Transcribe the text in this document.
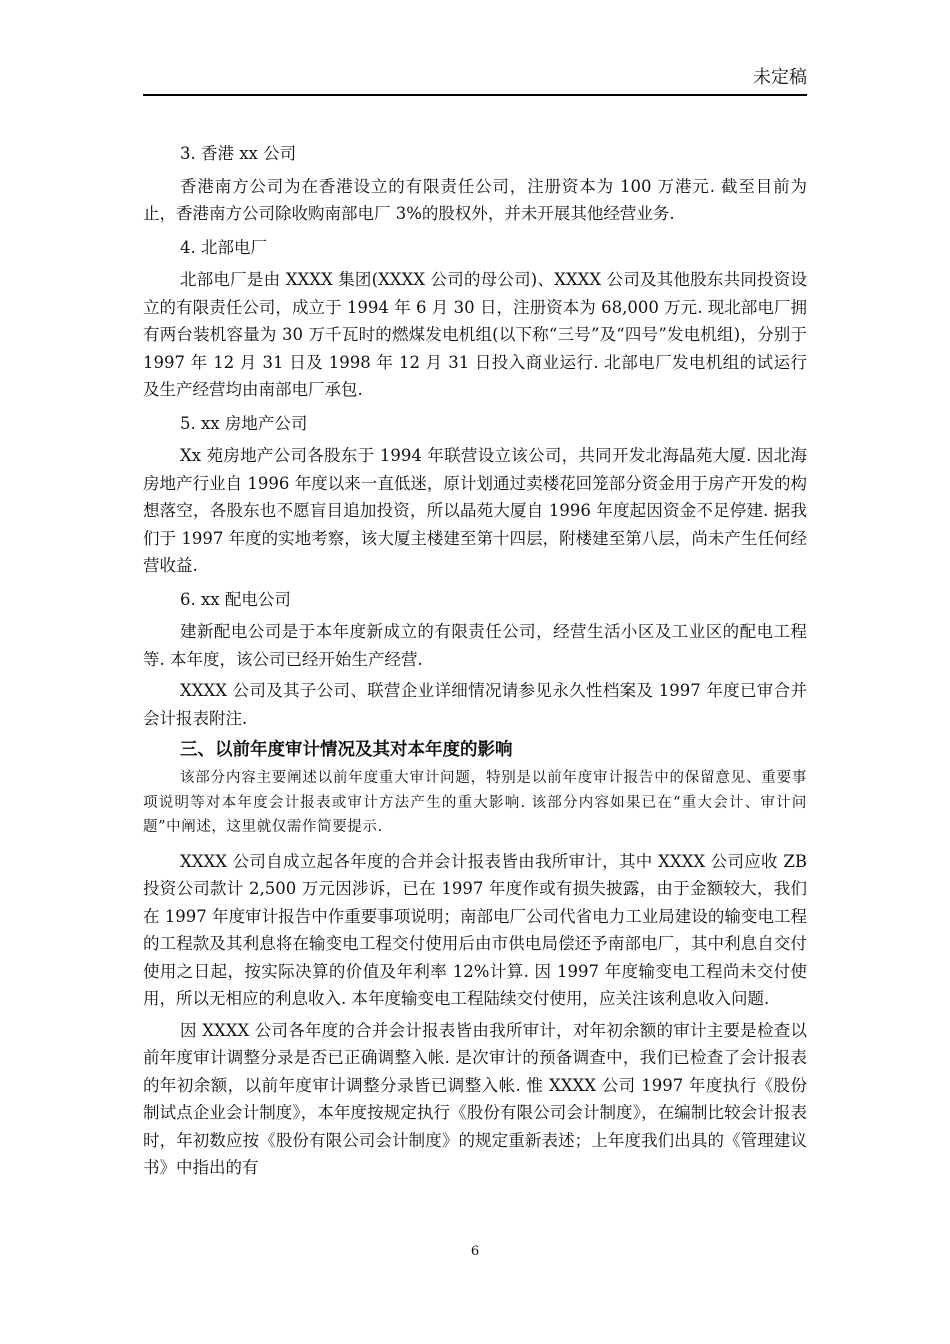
未定稿

3. 香港 xx 公司

香港南方公司为在香港设立的有限责任公司，注册资本为 100 万港元. 截至目前为止，香港南方公司除收购南部电厂 3%的股权外，并未开展其他经营业务.

4. 北部电厂

北部电厂是由 XXXX 集团(XXXX 公司的母公司)、XXXX 公司及其他股东共同投资设立的有限责任公司，成立于 1994 年 6 月 30 日，注册资本为 68,000 万元. 现北部电厂拥有两台装机容量为 30 万千瓦时的燃煤发电机组(以下称“三号”及“四号”发电机组)，分别于 1997 年 12 月 31 日及 1998 年 12 月 31 日投入商业运行. 北部电厂发电机组的试运行及生产经营均由南部电厂承包.

5. xx 房地产公司

Xx 苑房地产公司各股东于 1994 年联营设立该公司，共同开发北海晶苑大厦. 因北海房地产行业自 1996 年度以来一直低迷，原计划通过卖楼花回笼部分资金用于房产开发的构想落空，各股东也不愿盲目追加投资，所以晶苑大厦自 1996 年度起因资金不足停建. 据我们于 1997 年度的实地考察，该大厦主楼建至第十四层，附楼建至第八层，尚未产生任何经营收益.

6. xx 配电公司

建新配电公司是于本年度新成立的有限责任公司，经营生活小区及工业区的配电工程等. 本年度，该公司已经开始生产经营.

XXXX 公司及其子公司、联营企业详细情况请参见永久性档案及 1997 年度已审合并会计报表附注.

三、以前年度审计情况及其对本年度的影响

该部分内容主要阐述以前年度重大审计问题，特别是以前年度审计报告中的保留意见、重要事项说明等对本年度会计报表或审计方法产生的重大影响. 该部分内容如果已在“重大会计、审计问题”中阐述，这里就仅需作简要提示.

XXXX 公司自成立起各年度的合并会计报表皆由我所审计，其中 XXXX 公司应收 ZB 投资公司款计 2,500 万元因涉诉，已在 1997 年度作或有损失披露，由于金额较大，我们在 1997 年度审计报告中作重要事项说明；南部电厂公司代省电力工业局建设的输变电工程的工程款及其利息将在输变电工程交付使用后由市供电局偿还予南部电厂，其中利息自交付使用之日起，按实际决算的价值及年利率 12%计算. 因 1997 年度输变电工程尚未交付使用，所以无相应的利息收入. 本年度输变电工程陆续交付使用，应关注该利息收入问题.

因 XXXX 公司各年度的合并会计报表皆由我所审计，对年初余额的审计主要是检查以前年度审计调整分录是否已正确调整入帐. 是次审计的预备调查中，我们已检查了会计报表的年初余额，以前年度审计调整分录皆已调整入帐. 惟 XXXX 公司 1997 年度执行《股份制试点企业会计制度》，本年度按规定执行《股份有限公司会计制度》，在编制比较会计报表时，年初数应按《股份有限公司会计制度》的规定重新表述；上年度我们出具的《管理建议书》中指出的有

6
